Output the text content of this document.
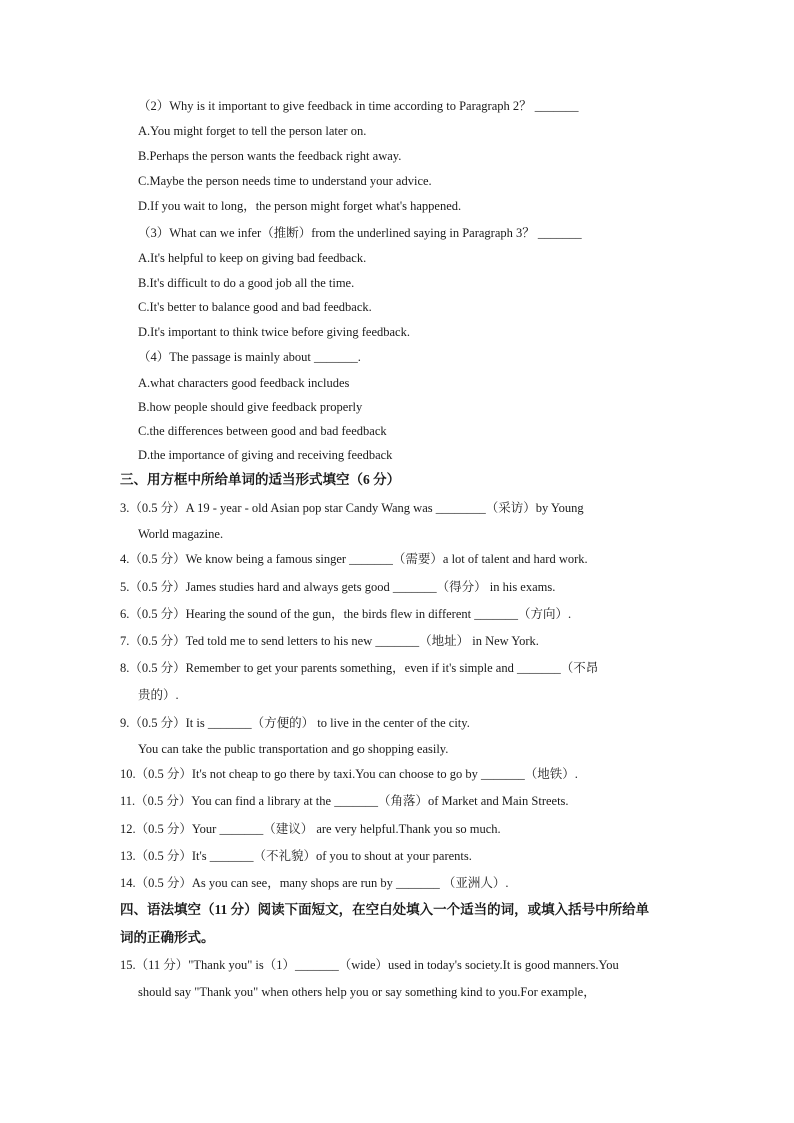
（2）Why is it important to give feedback in time according to Paragraph 2？ _______
A.You might forget to tell the person later on.
B.Perhaps the person wants the feedback right away.
C.Maybe the person needs time to understand your advice.
D.If you wait to long，the person might forget what's happened.
（3）What can we infer（推断）from the underlined saying in Paragraph 3？ _______
A.It's helpful to keep on giving bad feedback.
B.It's difficult to do a good job all the time.
C.It's better to balance good and bad feedback.
D.It's important to think twice before giving feedback.
（4）The passage is mainly about _______.
A.what characters good feedback includes
B.how people should give feedback properly
C.the differences between good and bad feedback
D.the importance of giving and receiving feedback
三、用方框中所给单词的适当形式填空（6 分）
3.（0.5 分）A 19 - year - old Asian pop star Candy Wang was ________（采访）by Young
World magazine.
4.（0.5 分）We know being a famous singer _______（需要）a lot of talent and hard work.
5.（0.5 分）James studies hard and always gets good _______（得分） in his exams.
6.（0.5 分）Hearing the sound of the gun，the birds flew in different _______（方向）.
7.（0.5 分）Ted told me to send letters to his new _______（地址） in New York.
8.（0.5 分）Remember to get your parents something，even if it's simple and _______（不昂
贵的）.
9.（0.5 分）It is _______（方便的） to live in the center of the city.
You can take the public transportation and go shopping easily.
10.（0.5 分）It's not cheap to go there by taxi.You can choose to go by _______（地铁）.
11.（0.5 分）You can find a library at the _______（角落）of Market and Main Streets.
12.（0.5 分）Your _______（建议） are very helpful.Thank you so much.
13.（0.5 分）It's _______（不礼貌）of you to shout at your parents.
14.（0.5 分）As you can see，many shops are run by _______ （亚洲人）.
四、语法填空（11 分）阅读下面短文，在空白处填入一个适当的词，或填入括号中所给单
词的正确形式。
15.（11 分）"Thank you" is（1）_______（wide）used in today's society.It is good manners.You
should say "Thank you" when others help you or say something kind to you.For example，
